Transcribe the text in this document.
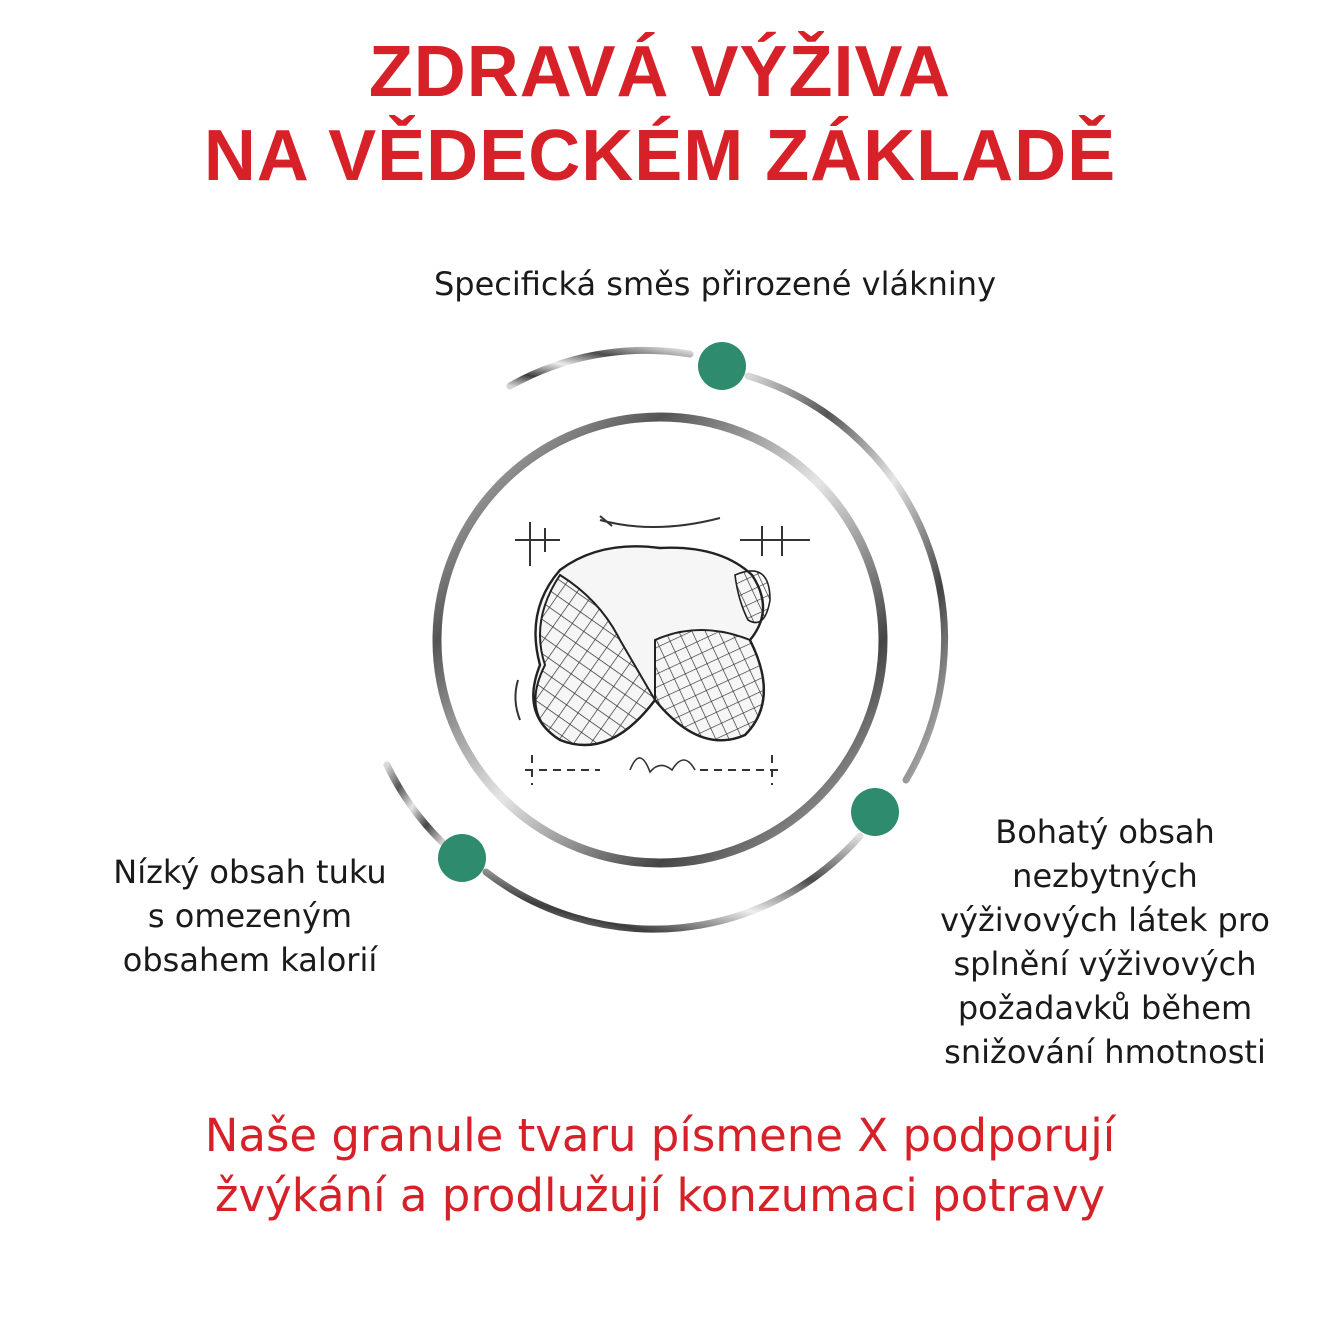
ZDRAVÁ VÝŽIVA
NA VĚDECKÉM ZÁKLADĚ
Specifická směs přirozené vlákniny
Nízký obsah tuku
s omezeným
obsahem kalorií
Bohatý obsah
nezbytných
výživových látek pro
splnění výživových
požadavků během
snižování hmotnosti
Naše granule tvaru písmene X podporují
žvýkání a prodlužují konzumaci potravy
